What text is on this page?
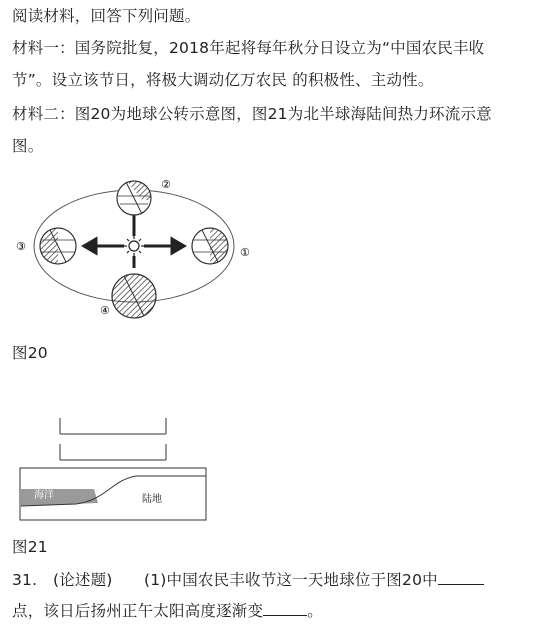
阅读材料，回答下列问题。
材料一：国务院批复，2018年起将每年秋分日设立为“中国农民丰收
节”。设立该节日，将极大调动亿万农民 的积极性、主动性。
材料二：图20为地球公转示意图，图21为北半球海陆间热力环流示意
图。
②
③	①
④
图20
海洋	陆地
图21
31.　(论述题)　　(1)中国农民丰收节这一天地球位于图20中
点，该日后扬州正午太阳高度逐渐变	。
